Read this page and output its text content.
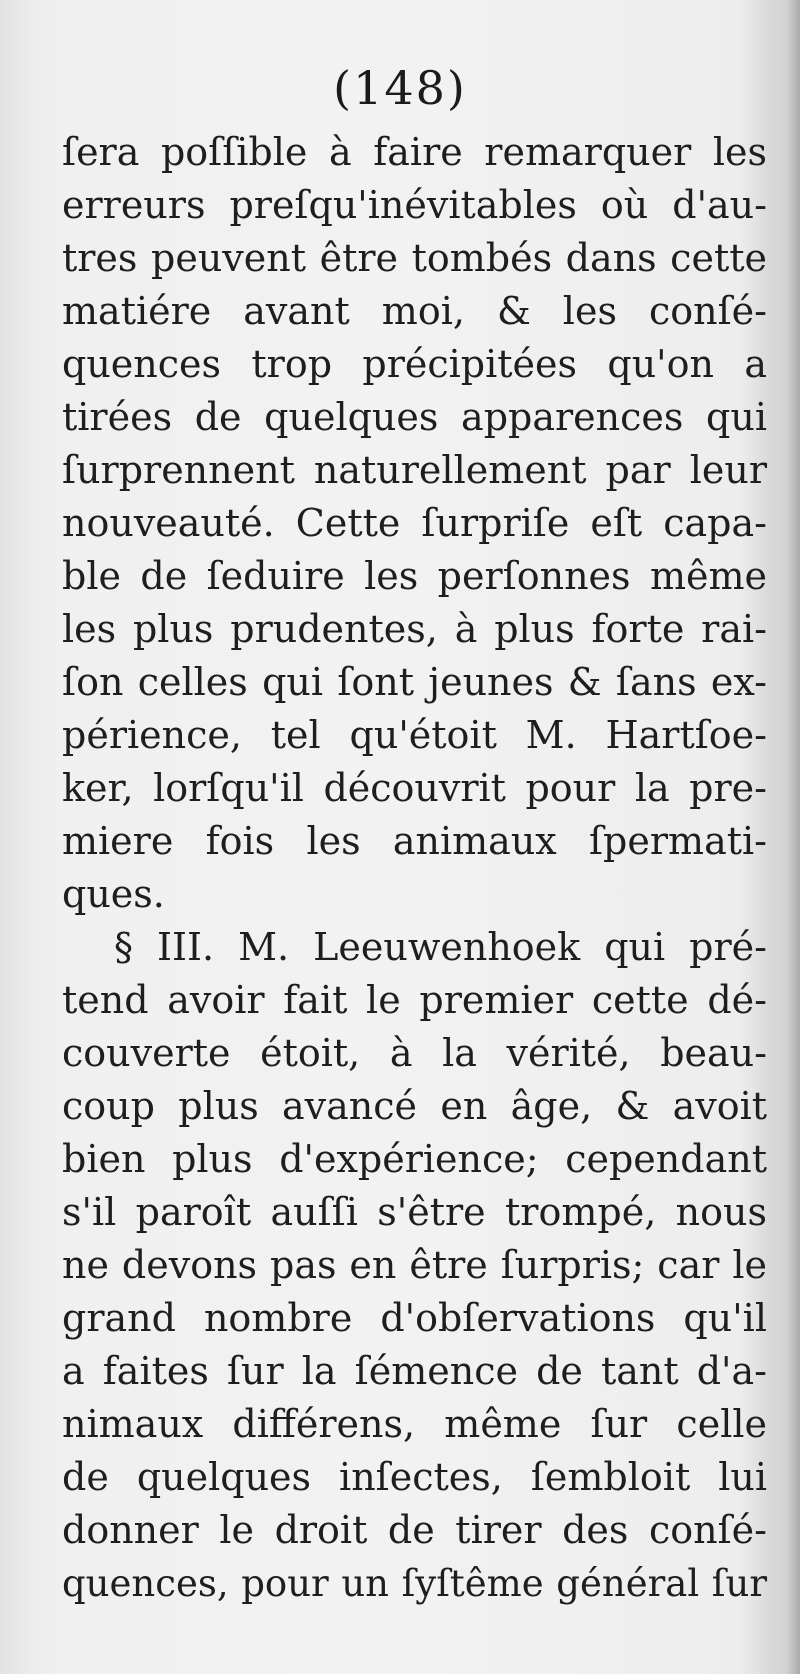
(148)
ſera poſſible à faire remarquer les
erreurs preſqu'inévitables où d'au-
tres peuvent être tombés dans cette
matiére avant moi, & les conſé-
quences trop précipitées qu'on a
tirées de quelques apparences qui
ſurprennent naturellement par leur
nouveauté. Cette ſurpriſe eſt capa-
ble de ſeduire les perſonnes même
les plus prudentes, à plus forte rai-
ſon celles qui ſont jeunes & ſans ex-
périence, tel qu'étoit M. Hartſoe-
ker, lorſqu'il découvrit pour la pre-
miere fois les animaux ſpermati-
ques.
§ III. M. Leeuwenhoek qui pré-
tend avoir fait le premier cette dé-
couverte étoit, à la vérité, beau-
coup plus avancé en âge, & avoit
bien plus d'expérience; cependant
s'il paroît auſſi s'être trompé, nous
ne devons pas en être ſurpris; car le
grand nombre d'obſervations qu'il
a faites ſur la ſémence de tant d'a-
nimaux différens, même ſur celle
de quelques inſectes, ſembloit lui
donner le droit de tirer des conſé-
quences, pour un ſyſtême général ſur
